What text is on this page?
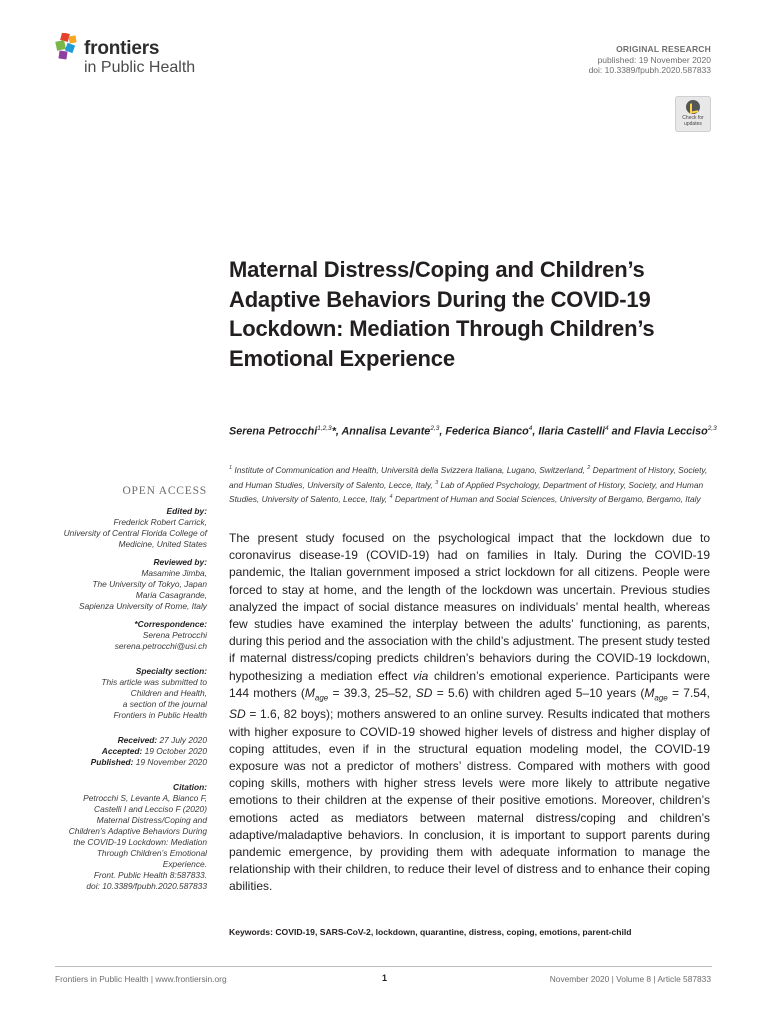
frontiers
in Public Health
ORIGINAL RESEARCH
published: 19 November 2020
doi: 10.3389/fpubh.2020.587833
Check for updates
Maternal Distress/Coping and Children’s Adaptive Behaviors During the COVID-19 Lockdown: Mediation Through Children’s Emotional Experience
Serena Petrocchi$^{1,2,3}$*, Annalisa Levante$^{2,3}$, Federica Bianco$^4$, Ilaria Castelli$^4$ and Flavia Lecciso$^{2,3}$
$^1$ Institute of Communication and Health, Università della Svizzera Italiana, Lugano, Switzerland, $^2$ Department of History, Society, and Human Studies, University of Salento, Lecce, Italy, $^3$ Lab of Applied Psychology, Department of History, Society, and Human Studies, University of Salento, Lecce, Italy, $^4$ Department of Human and Social Sciences, University of Bergamo, Bergamo, Italy
OPEN ACCESS
Edited by:
Frederick Robert Carrick,
University of Central Florida College of
Medicine, United States
Reviewed by:
Masamine Jimba,
The University of Tokyo, Japan
Maria Casagrande,
Sapienza University of Rome, Italy
*Correspondence:
Serena Petrocchi
serena.petrocchi@usi.ch
Specialty section:
This article was submitted to
Children and Health,
a section of the journal
Frontiers in Public Health
Received: 27 July 2020
Accepted: 19 October 2020
Published: 19 November 2020
Citation:
Petrocchi S, Levante A, Bianco F,
Castelli I and Lecciso F (2020)
Maternal Distress/Coping and
Children’s Adaptive Behaviors During
the COVID-19 Lockdown: Mediation
Through Children’s Emotional
Experience.
Front. Public Health 8:587833.
doi: 10.3389/fpubh.2020.587833
The present study focused on the psychological impact that the lockdown due to coronavirus disease-19 (COVID-19) had on families in Italy. During the COVID-19 pandemic, the Italian government imposed a strict lockdown for all citizens. People were forced to stay at home, and the length of the lockdown was uncertain. Previous studies analyzed the impact of social distance measures on individuals’ mental health, whereas few studies have examined the interplay between the adults’ functioning, as parents, during this period and the association with the child’s adjustment. The present study tested if maternal distress/coping predicts children’s behaviors during the COVID-19 lockdown, hypothesizing a mediation effect via children’s emotional experience. Participants were 144 mothers ($M_{age} = 39.3$, 25–52, SD = 5.6) with children aged 5–10 years ($M_{age} = 7.54$, SD = 1.6, 82 boys); mothers answered to an online survey. Results indicated that mothers with higher exposure to COVID-19 showed higher levels of distress and higher display of coping attitudes, even if in the structural equation modeling model, the COVID-19 exposure was not a predictor of mothers’ distress. Compared with mothers with good coping skills, mothers with higher stress levels were more likely to attribute negative emotions to their children at the expense of their positive emotions. Moreover, children’s emotions acted as mediators between maternal distress/coping and children’s adaptive/maladaptive behaviors. In conclusion, it is important to support parents during pandemic emergence, by providing them with adequate information to manage the relationship with their children, to reduce their level of distress and to enhance their coping abilities.
Keywords: COVID-19, SARS-CoV-2, lockdown, quarantine, distress, coping, emotions, parent-child
Frontiers in Public Health | www.frontiersin.org	1	November 2020 | Volume 8 | Article 587833
